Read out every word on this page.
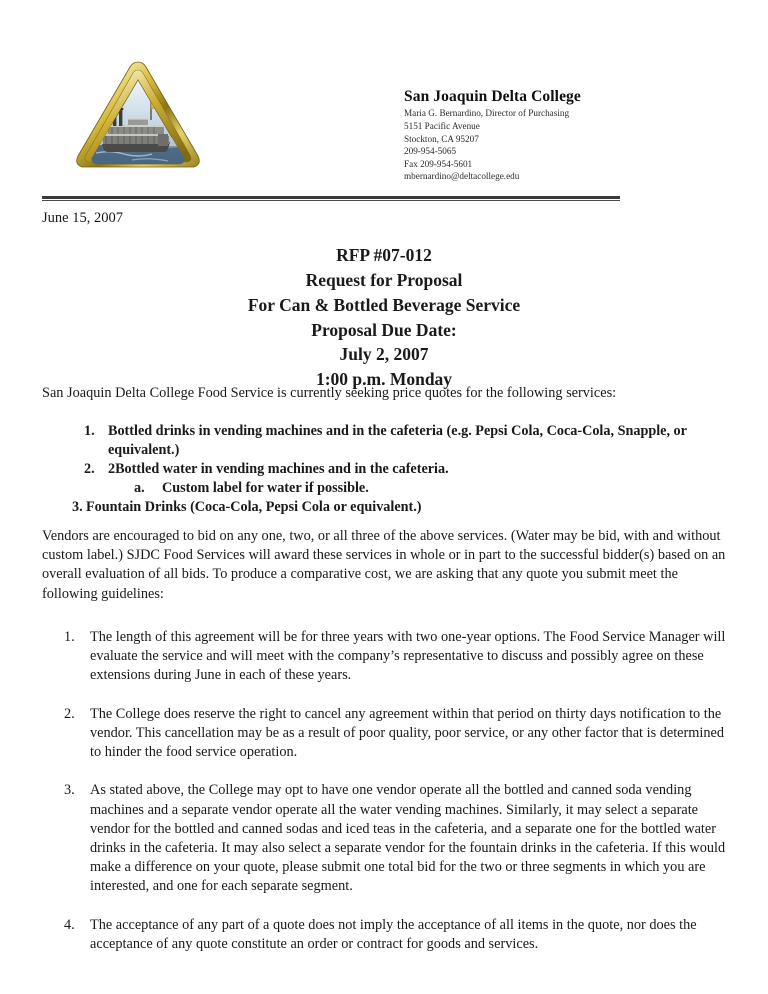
San Joaquin Delta College
Maria G. Bernardino, Director of Purchasing
5151 Pacific Avenue
Stockton, CA 95207
209-954-5065
Fax 209-954-5601
mbernardino@deltacollege.edu
June 15, 2007
RFP #07-012
Request for Proposal
For Can & Bottled Beverage Service
Proposal Due Date:
July 2, 2007
1:00 p.m. Monday
San Joaquin Delta College Food Service is currently seeking price quotes for the following services:
1. Bottled drinks in vending machines and in the cafeteria (e.g. Pepsi Cola, Coca-Cola, Snapple, or equivalent.)
2. 2Bottled water in vending machines and in the cafeteria.
a.	Custom label for water if possible.
3. Fountain Drinks (Coca-Cola, Pepsi Cola or equivalent.)
Vendors are encouraged to bid on any one, two, or all three of the above services. (Water may be bid, with and without custom label.) SJDC Food Services will award these services in whole or in part to the successful bidder(s) based on an overall evaluation of all bids. To produce a comparative cost, we are asking that any quote you submit meet the following guidelines:
1.	The length of this agreement will be for three years with two one-year options. The Food Service Manager will evaluate the service and will meet with the company’s representative to discuss and possibly agree on these extensions during June in each of these years.
2.	The College does reserve the right to cancel any agreement within that period on thirty days notification to the vendor. This cancellation may be as a result of poor quality, poor service, or any other factor that is determined to hinder the food service operation.
3.	As stated above, the College may opt to have one vendor operate all the bottled and canned soda vending machines and a separate vendor operate all the water vending machines. Similarly, it may select a separate vendor for the bottled and canned sodas and iced teas in the cafeteria, and a separate one for the bottled water drinks in the cafeteria. It may also select a separate vendor for the fountain drinks in the cafeteria. If this would make a difference on your quote, please submit one total bid for the two or three segments in which you are interested, and one for each separate segment.
4.	The acceptance of any part of a quote does not imply the acceptance of all items in the quote, nor does the acceptance of any quote constitute an order or contract for goods and services.
